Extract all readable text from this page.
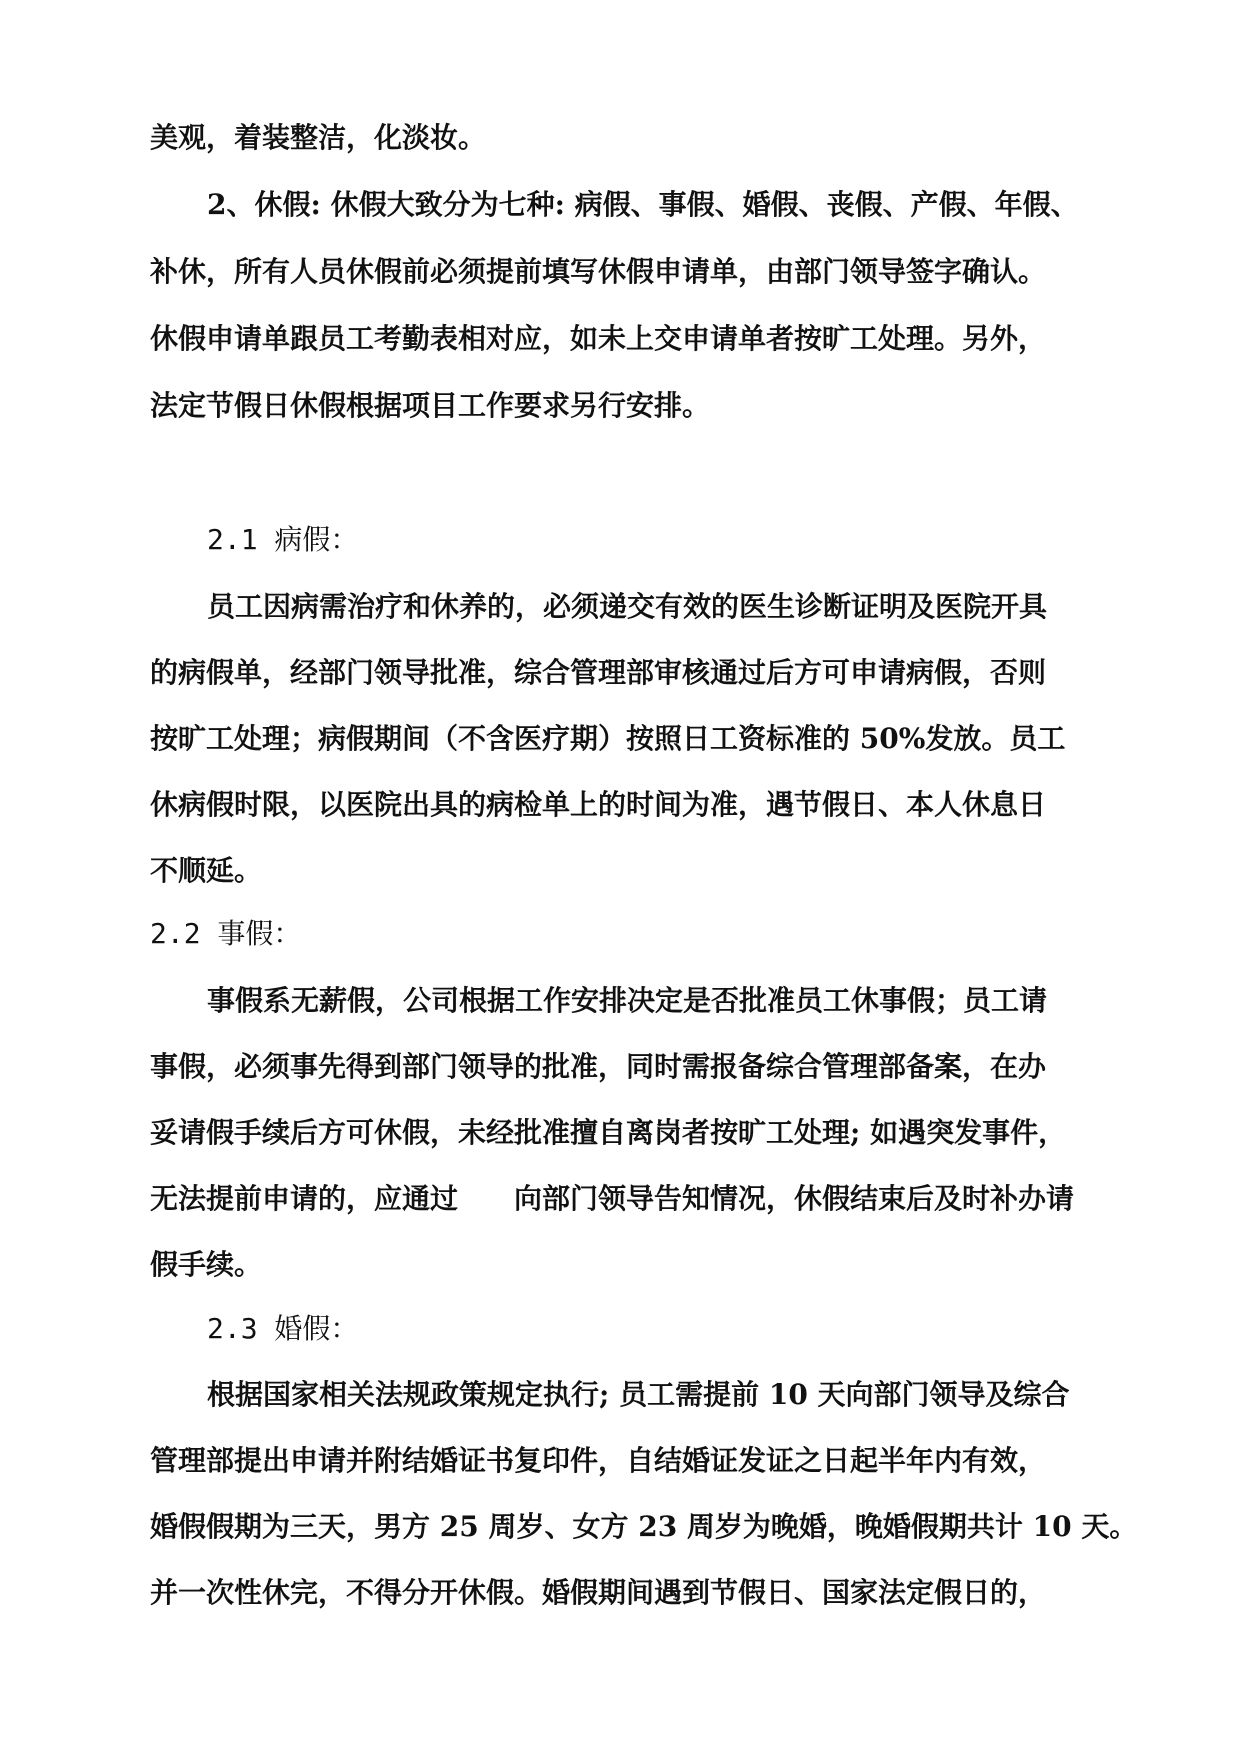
美观，着装整洁，化淡妆。
2、休假: 休假大致分为七种: 病假、事假、婚假、丧假、产假、年假、
补休，所有人员休假前必须提前填写休假申请单，由部门领导签字确认。
休假申请单跟员工考勤表相对应，如未上交申请单者按旷工处理。另外，
法定节假日休假根据项目工作要求另行安排。
2.1 病假：
员工因病需治疗和休养的，必须递交有效的医生诊断证明及医院开具
的病假单，经部门领导批准，综合管理部审核通过后方可申请病假，否则
按旷工处理；病假期间（不含医疗期）按照日工资标准的 50%发放。员工
休病假时限，以医院出具的病检单上的时间为准，遇节假日、本人休息日
不顺延。
2.2 事假：
事假系无薪假，公司根据工作安排决定是否批准员工休事假；员工请
事假，必须事先得到部门领导的批准，同时需报备综合管理部备案，在办
妥请假手续后方可休假，未经批准擅自离岗者按旷工处理; 如遇突发事件，
无法提前申请的，应通过　　向部门领导告知情况，休假结束后及时补办请
假手续。
2.3 婚假：
根据国家相关法规政策规定执行; 员工需提前 10 天向部门领导及综合
管理部提出申请并附结婚证书复印件，自结婚证发证之日起半年内有效，
婚假假期为三天，男方 25 周岁、女方 23 周岁为晚婚，晚婚假期共计 10 天。
并一次性休完，不得分开休假。婚假期间遇到节假日、国家法定假日的，
